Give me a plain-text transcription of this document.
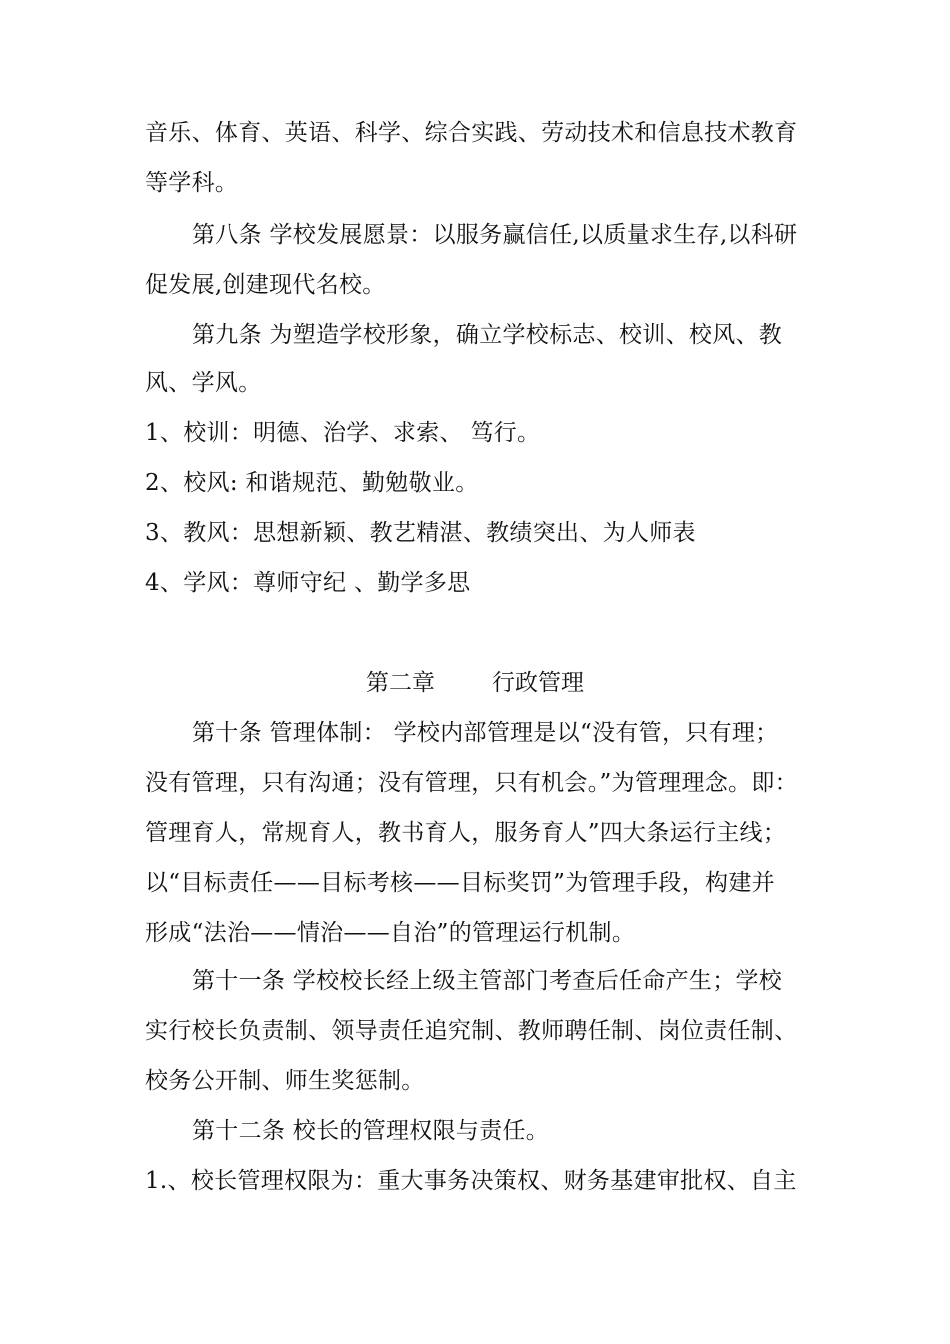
音乐、体育、英语、科学、综合实践、劳动技术和信息技术教育
等学科。
第八条 学校发展愿景：以服务赢信任,以质量求生存,以科研
促发展,创建现代名校。
第九条 为塑造学校形象，确立学校标志、校训、校风、教
风、学风。
1、校训：明德、治学、求索、 笃行。
2、校风: 和谐规范、勤勉敬业。
3、教风：思想新颖、教艺精湛、教绩突出、为人师表
4、学风：尊师守纪 、勤学多思
第二章 行政管理
第十条 管理体制： 学校内部管理是以“没有管，只有理；
没有管理，只有沟通；没有管理，只有机会。”为管理理念。即：
管理育人，常规育人，教书育人，服务育人”四大条运行主线；
以“目标责任——目标考核——目标奖罚”为管理手段，构建并
形成“法治——情治——自治”的管理运行机制。
第十一条 学校校长经上级主管部门考查后任命产生；学校
实行校长负责制、领导责任追究制、教师聘任制、岗位责任制、
校务公开制、师生奖惩制。
第十二条 校长的管理权限与责任。
1.、校长管理权限为：重大事务决策权、财务基建审批权、自主
